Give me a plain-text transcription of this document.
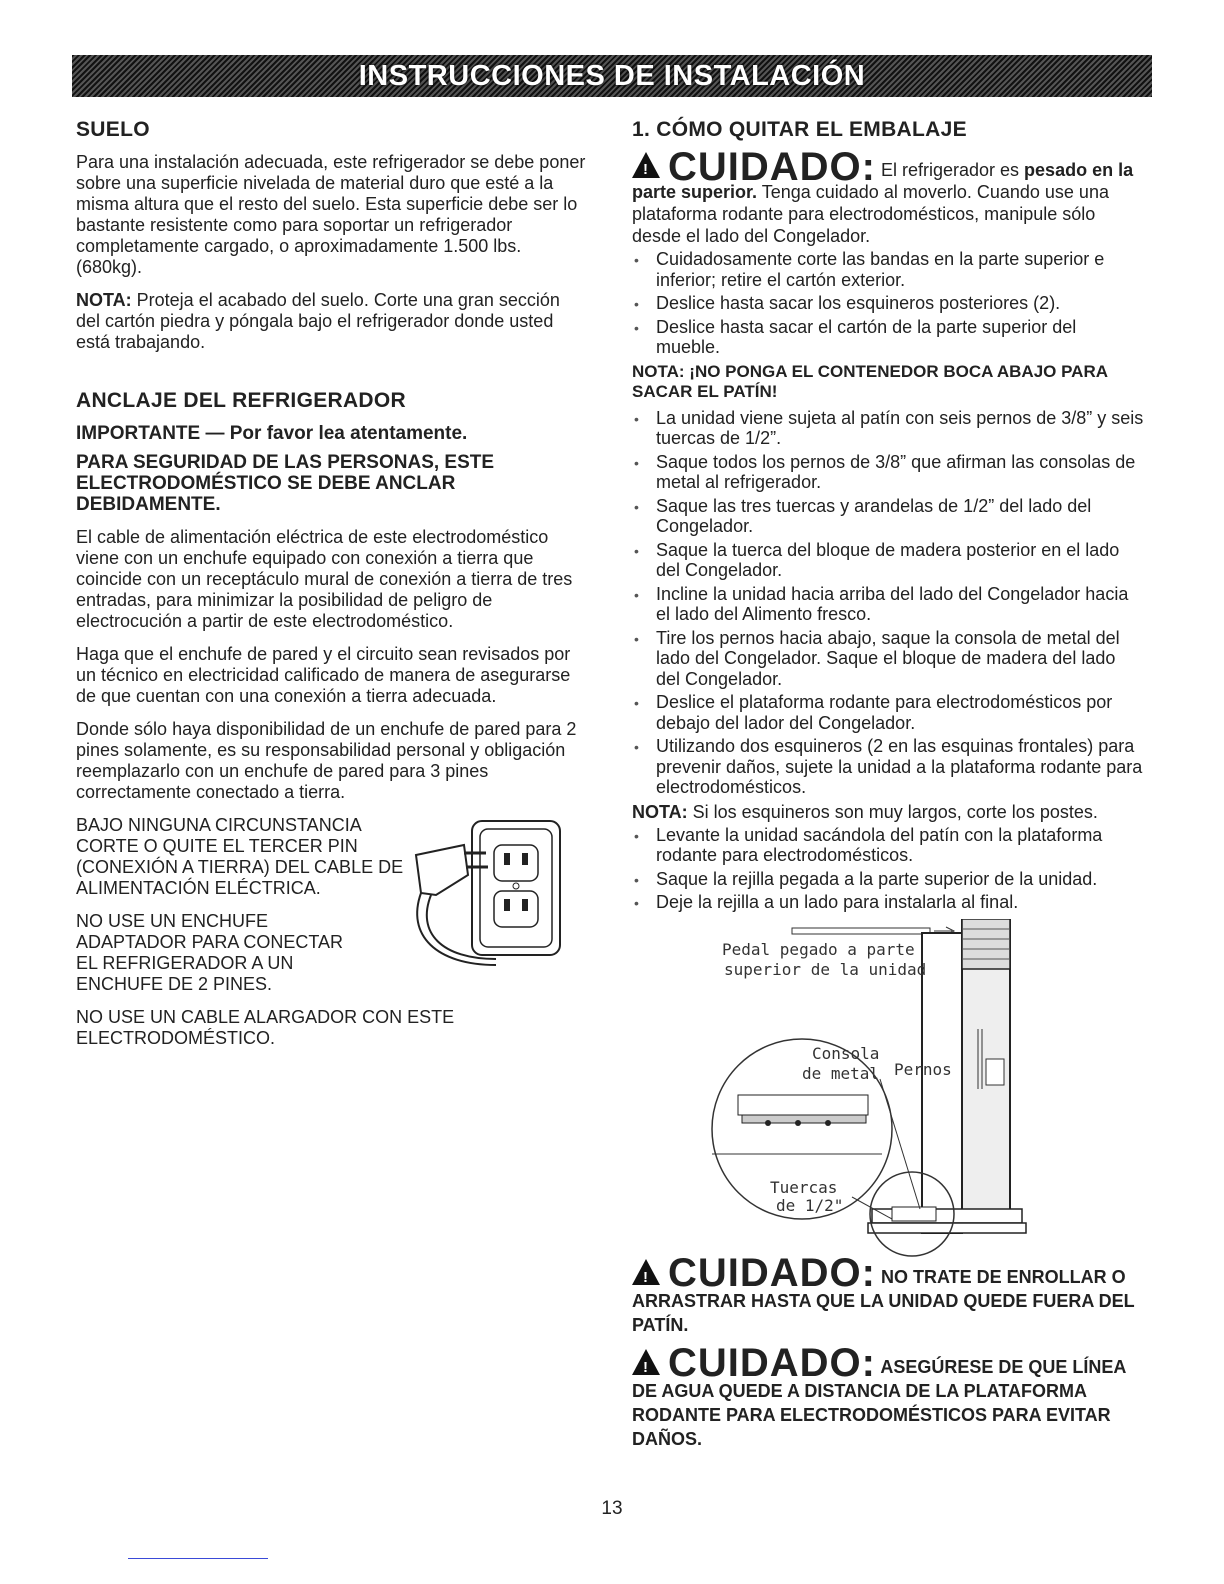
INSTRUCCIONES DE INSTALACIÓN
SUELO

Para una instalación adecuada, este refrigerador se debe poner sobre una superficie nivelada de material duro que esté a la misma altura que el resto del suelo. Esta superficie debe ser lo bastante resistente como para soportar un refrigerador completamente cargado, o aproximadamente 1.500 lbs. (680kg).

NOTA: Proteja el acabado del suelo. Corte una gran sección del cartón piedra y póngala bajo el refrigerador donde usted está trabajando.

ANCLAJE DEL REFRIGERADOR
IMPORTANTE — Por favor lea atentamente.
PARA SEGURIDAD DE LAS PERSONAS, ESTE ELECTRODOMÉSTICO SE DEBE ANCLAR DEBIDAMENTE.

El cable de alimentación eléctrica de este electrodoméstico viene con un enchufe equipado con conexión a tierra que coincide con un receptáculo mural de conexión a tierra de tres entradas, para minimizar la posibilidad de peligro de electrocución a partir de este electrodoméstico.

Haga que el enchufe de pared y el circuito sean revisados por un técnico en electricidad calificado de manera de asegurarse de que cuentan con una conexión a tierra adecuada.

Donde sólo haya disponibilidad de un enchufe de pared para 2 pines solamente, es su responsabilidad personal y obligación reemplazarlo con un enchufe de pared para 3 pines correctamente conectado a tierra.

BAJO NINGUNA CIRCUNSTANCIA CORTE O QUITE EL TERCER PIN (CONEXIÓN A TIERRA) DEL CABLE DE ALIMENTACIÓN ELÉCTRICA.

NO USE UN ENCHUFE ADAPTADOR PARA CONECTAR EL REFRIGERADOR A UN ENCHUFE DE 2 PINES.

NO USE UN CABLE ALARGADOR CON ESTE ELECTRODOMÉSTICO.

1. CÓMO QUITAR EL EMBALAJE
!CUIDADO: El refrigerador es pesado en la parte superior. Tenga cuidado al moverlo. Cuando use una plataforma rodante para electrodomésticos, manipule sólo desde el lado del Congelador.
• Cuidadosamente corte las bandas en la parte superior e inferior; retire el cartón exterior.
• Deslice hasta sacar los esquineros posteriores (2).
• Deslice hasta sacar el cartón de la parte superior del mueble.
NOTA: ¡NO PONGA EL CONTENEDOR BOCA ABAJO PARA SACAR EL PATÍN!
• La unidad viene sujeta al patín con seis pernos de 3/8” y seis tuercas de 1/2”.
• Saque todos los pernos de 3/8” que afirman las consolas de metal al refrigerador.
• Saque las tres tuercas y arandelas de 1/2” del lado del Congelador.
• Saque la tuerca del bloque de madera posterior en el lado del Congelador.
• Incline la unidad hacia arriba del lado del Congelador hacia el lado del Alimento fresco.
• Tire los pernos hacia abajo, saque la consola de metal del lado del Congelador. Saque el bloque de madera del lado del Congelador.
• Deslice el plataforma rodante para electrodomésticos por debajo del lador del Congelador.
• Utilizando dos esquineros (2 en las esquinas frontales) para prevenir daños, sujete la unidad a la plataforma rodante para electrodomésticos.
NOTA: Si los esquineros son muy largos, corte los postes.
• Levante la unidad sacándola del patín con la plataforma rodante para electrodomésticos.
• Saque la rejilla pegada a la parte superior de la unidad.
• Deje la rejilla a un lado para instalarla al final.
Pedal pegado a parte
superior de la unidad
Consola
de metal Pernos
Tuercas
de 1/2"
!CUIDADO: NO TRATE DE ENROLLAR O ARRASTRAR HASTA QUE LA UNIDAD QUEDE FUERA DEL PATÍN.
!CUIDADO: ASEGÚRESE DE QUE LÍNEA DE AGUA QUEDE A DISTANCIA DE LA PLATAFORMA RODANTE PARA ELECTRODOMÉSTICOS PARA EVITAR DAÑOS.
13
